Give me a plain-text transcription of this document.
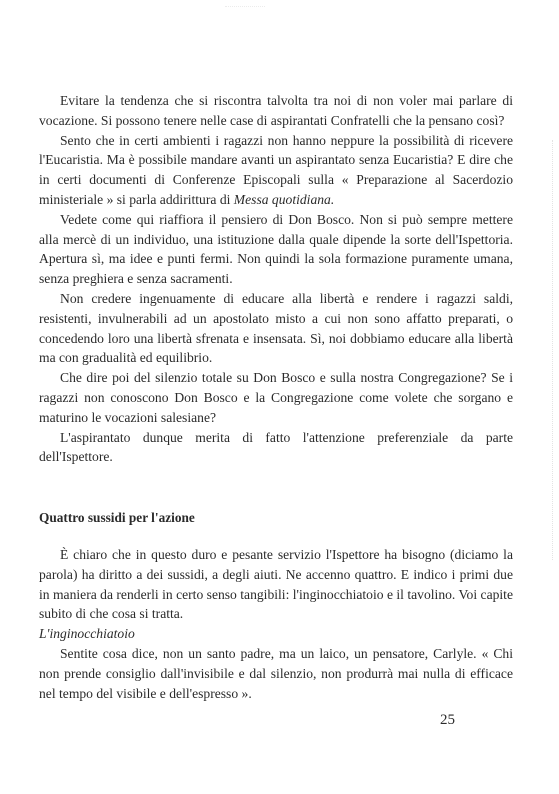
Evitare la tendenza che si riscontra talvolta tra noi di non voler mai parlare di vocazione. Si possono tenere nelle case di aspirantati Confratelli che la pensano così?

Sento che in certi ambienti i ragazzi non hanno neppure la possibilità di ricevere l'Eucaristia. Ma è possibile mandare avanti un aspirantato senza Eucaristia? E dire che in certi documenti di Conferenze Episcopali sulla « Preparazione al Sacerdozio ministeriale » si parla addirittura di Messa quotidiana.

Vedete come qui riaffiora il pensiero di Don Bosco. Non si può sempre mettere alla mercè di un individuo, una istituzione dalla quale dipende la sorte dell'Ispettoria. Apertura sì, ma idee e punti fermi. Non quindi la sola formazione puramente umana, senza preghiera e senza sacramenti.

Non credere ingenuamente di educare alla libertà e rendere i ragazzi saldi, resistenti, invulnerabili ad un apostolato misto a cui non sono affatto preparati, o concedendo loro una libertà sfrenata e insensata. Sì, noi dobbiamo educare alla libertà ma con gradualità ed equilibrio.

Che dire poi del silenzio totale su Don Bosco e sulla nostra Congregazione? Se i ragazzi non conoscono Don Bosco e la Congregazione come volete che sorgano e maturino le vocazioni salesiane?

L'aspirantato dunque merita di fatto l'attenzione preferenziale da parte dell'Ispettore.

Quattro sussidi per l'azione

È chiaro che in questo duro e pesante servizio l'Ispettore ha bisogno (diciamo la parola) ha diritto a dei sussidi, a degli aiuti. Ne accenno quattro. E indico i primi due in maniera da renderli in certo senso tangibili: l'inginocchiatoio e il tavolino. Voi capite subito di che cosa si tratta.

L'inginocchiatoio

Sentite cosa dice, non un santo padre, ma un laico, un pensatore, Carlyle. « Chi non prende consiglio dall'invisibile e dal silenzio, non produrrà mai nulla di efficace nel tempo del visibile e dell'espresso ».

25
